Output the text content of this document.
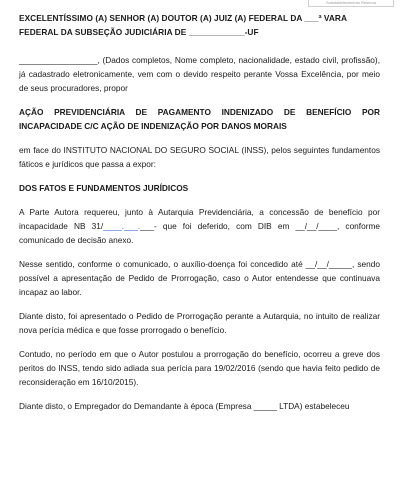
Substabelecimento Reserva
EXCELENTÍSSIMO (A) SENHOR (A) DOUTOR (A) JUIZ (A) FEDERAL DA ___ª VARA
FEDERAL DA SUBSEÇÃO JUDICIÁRIA DE ____________-UF

_________________, (Dados completos, Nome completo, nacionalidade, estado civil, profissão), já cadastrado eletronicamente, vem com o devido respeito perante Vossa Excelência, por meio de seus procuradores, propor

AÇÃO PREVIDENCIÁRIA DE PAGAMENTO INDENIZADO DE BENEFÍCIO POR INCAPACIDADE C/C AÇÃO DE INDENIZAÇÃO POR DANOS MORAIS

em face do INSTITUTO NACIONAL DO SEGURO SOCIAL (INSS), pelos seguintes fundamentos fáticos e jurídicos que passa a expor:

DOS FATOS E FUNDAMENTOS JURÍDICOS

A Parte Autora requereu, junto à Autarquia Previdenciária, a concessão de benefício por incapacidade NB 31/____.___.___- que foi deferido, com DIB em __/__/____, conforme comunicado de decisão anexo.

Nesse sentido, conforme o comunicado, o auxílio-doença foi concedido até __/__/_____, sendo possível a apresentação de Pedido de Prorrogação, caso o Autor entendesse que continuava incapaz ao labor.

Diante disto, foi apresentado o Pedido de Prorrogação perante a Autarquia, no intuito de realizar nova perícia médica e que fosse prorrogado o benefício.

Contudo, no período em que o Autor postulou a prorrogação do benefício, ocorreu a greve dos peritos do INSS, tendo sido adiada sua perícia para 19/02/2016 (sendo que havia feito pedido de reconsideração em 16/10/2015).

Diante disto, o Empregador do Demandante à época (Empresa _____ LTDA) estabeleceu
